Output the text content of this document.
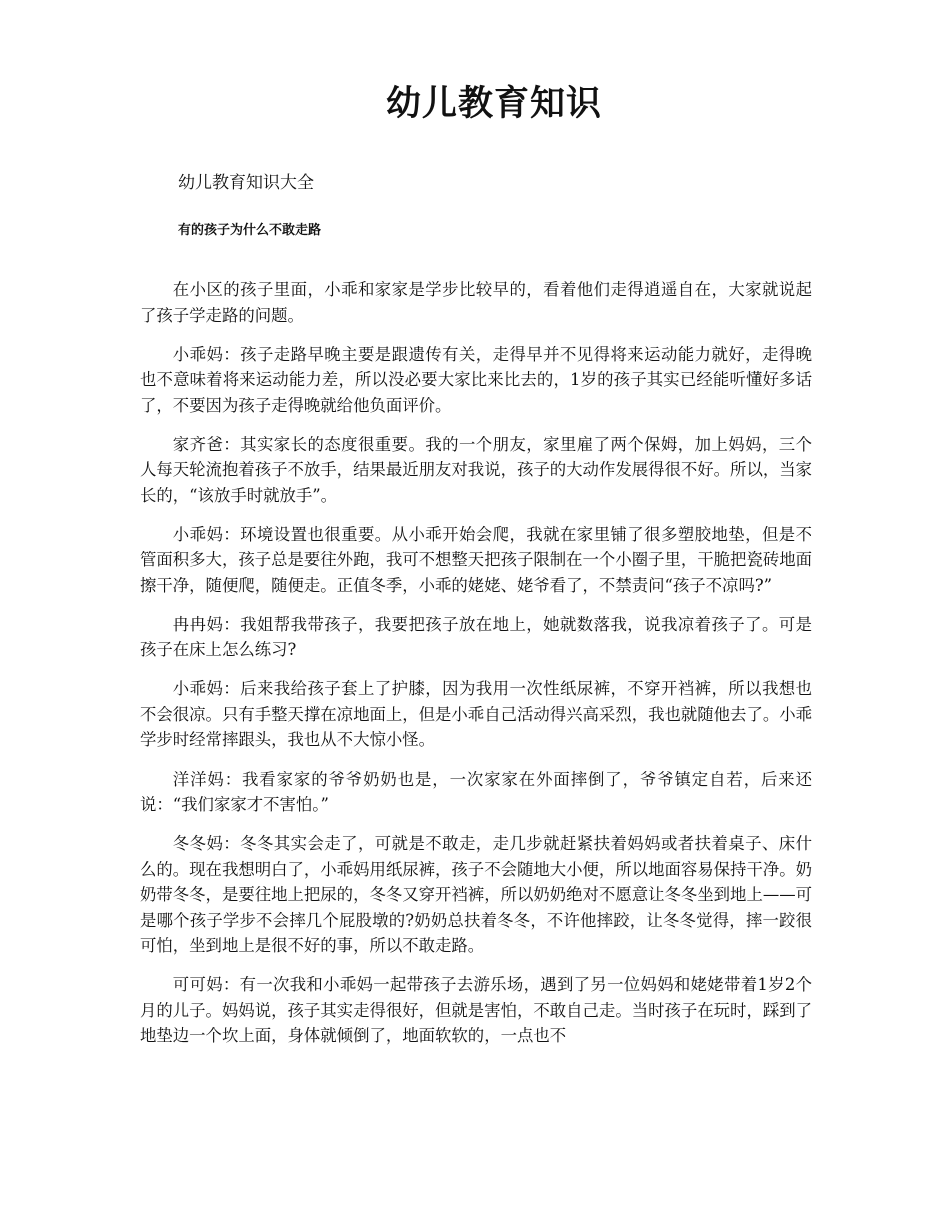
幼儿教育知识
幼儿教育知识大全
有的孩子为什么不敢走路

在小区的孩子里面，小乖和家家是学步比较早的，看着他们走得逍遥自在，大家就说起了孩子学走路的问题。

小乖妈：孩子走路早晚主要是跟遗传有关，走得早并不见得将来运动能力就好，走得晚也不意味着将来运动能力差，所以没必要大家比来比去的，1岁的孩子其实已经能听懂好多话了，不要因为孩子走得晚就给他负面评价。

家齐爸：其实家长的态度很重要。我的一个朋友，家里雇了两个保姆，加上妈妈，三个人每天轮流抱着孩子不放手，结果最近朋友对我说，孩子的大动作发展得很不好。所以，当家长的，“该放手时就放手”。

小乖妈：环境设置也很重要。从小乖开始会爬，我就在家里铺了很多塑胶地垫，但是不管面积多大，孩子总是要往外跑，我可不想整天把孩子限制在一个小圈子里，干脆把瓷砖地面擦干净，随便爬，随便走。正值冬季，小乖的姥姥、姥爷看了，不禁责问“孩子不凉吗?”

冉冉妈：我姐帮我带孩子，我要把孩子放在地上，她就数落我，说我凉着孩子了。可是孩子在床上怎么练习?

小乖妈：后来我给孩子套上了护膝，因为我用一次性纸尿裤，不穿开裆裤，所以我想也不会很凉。只有手整天撑在凉地面上，但是小乖自己活动得兴高采烈，我也就随他去了。小乖学步时经常摔跟头，我也从不大惊小怪。

洋洋妈：我看家家的爷爷奶奶也是，一次家家在外面摔倒了，爷爷镇定自若，后来还说：“我们家家才不害怕。”

冬冬妈：冬冬其实会走了，可就是不敢走，走几步就赶紧扶着妈妈或者扶着桌子、床什么的。现在我想明白了，小乖妈用纸尿裤，孩子不会随地大小便，所以地面容易保持干净。奶奶带冬冬，是要往地上把尿的，冬冬又穿开裆裤，所以奶奶绝对不愿意让冬冬坐到地上——可是哪个孩子学步不会摔几个屁股墩的?奶奶总扶着冬冬，不许他摔跤，让冬冬觉得，摔一跤很可怕，坐到地上是很不好的事，所以不敢走路。

可可妈：有一次我和小乖妈一起带孩子去游乐场，遇到了另一位妈妈和姥姥带着1岁2个月的儿子。妈妈说，孩子其实走得很好，但就是害怕，不敢自己走。当时孩子在玩时，踩到了地垫边一个坎上面，身体就倾倒了，地面软软的，一点也不
